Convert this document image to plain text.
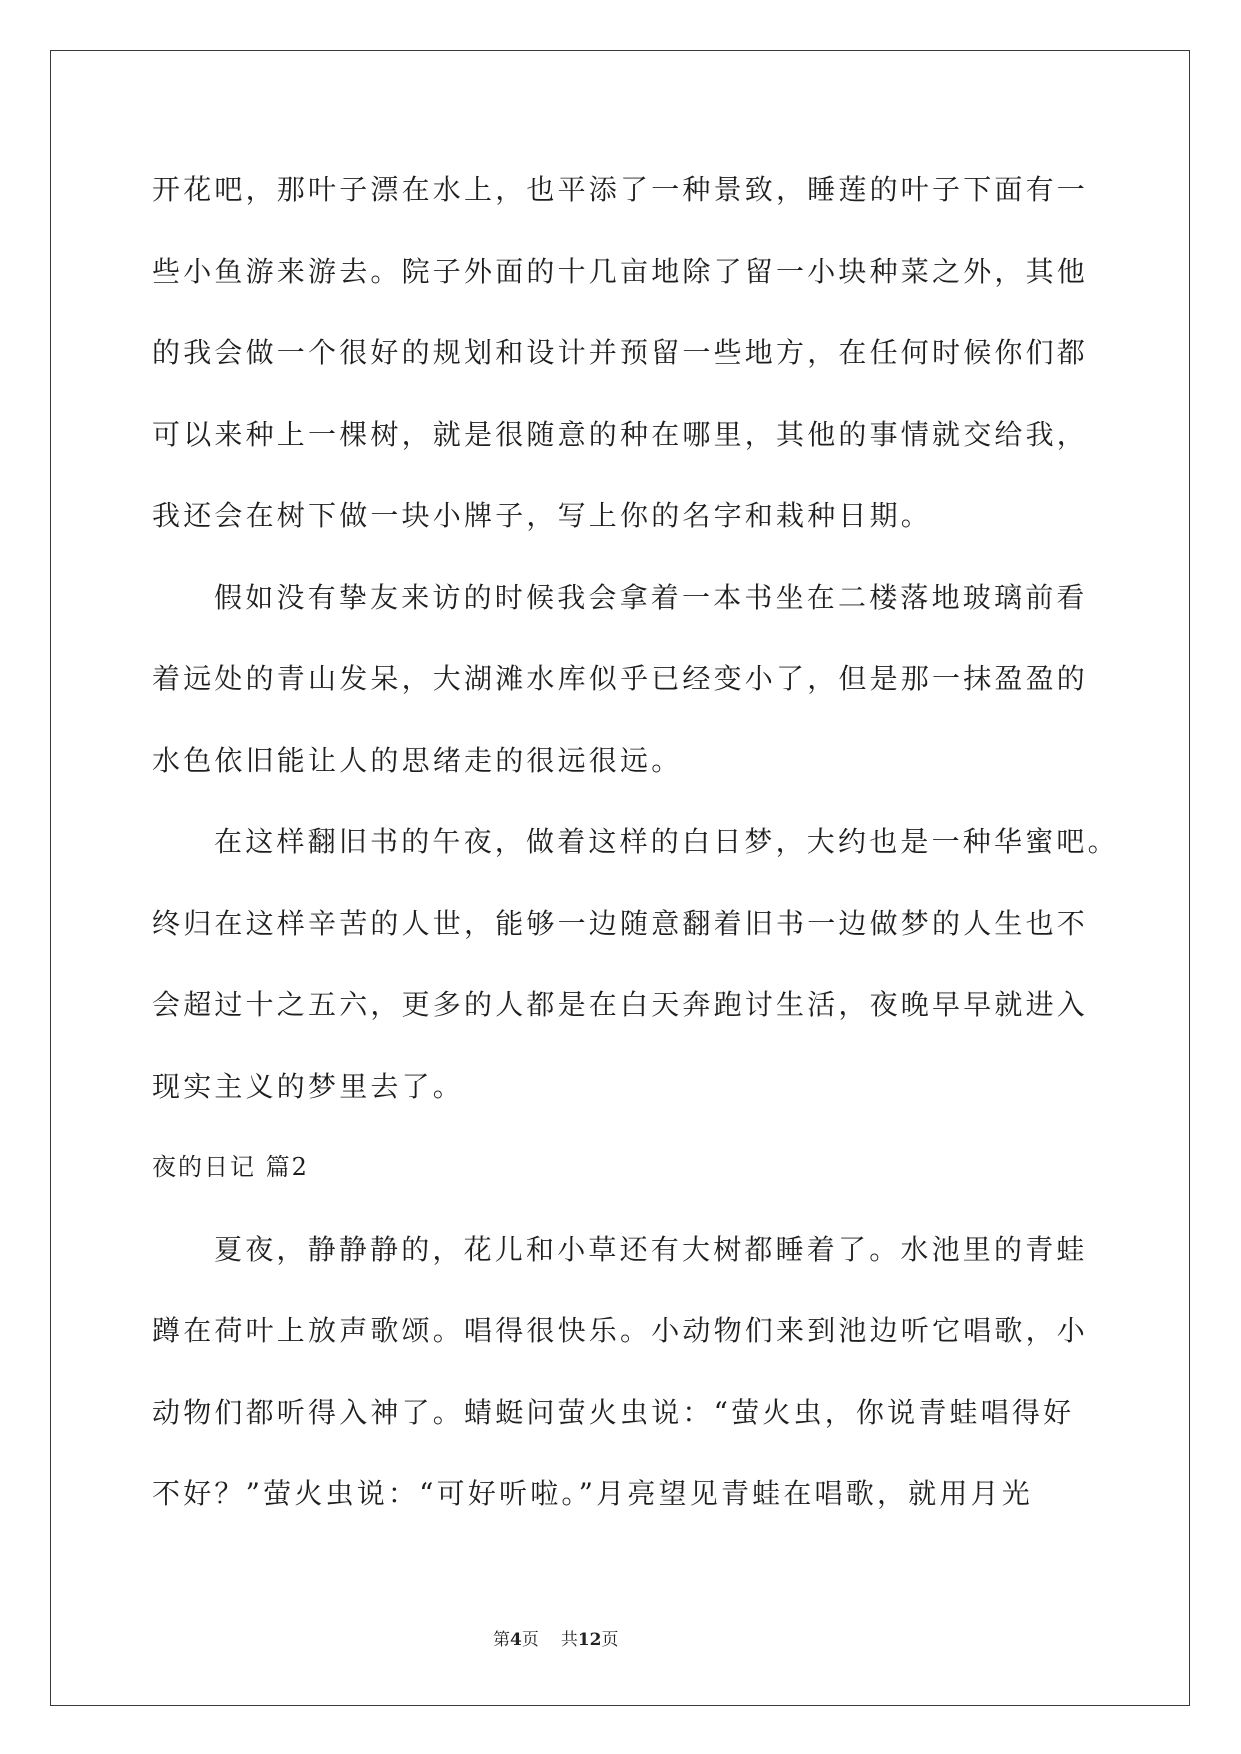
开花吧，那叶子漂在水上，也平添了一种景致，睡莲的叶子下面有一
些小鱼游来游去。院子外面的十几亩地除了留一小块种菜之外，其他
的我会做一个很好的规划和设计并预留一些地方，在任何时候你们都
可以来种上一棵树，就是很随意的种在哪里，其他的事情就交给我，
我还会在树下做一块小牌子，写上你的名字和栽种日期。
假如没有挚友来访的时候我会拿着一本书坐在二楼落地玻璃前看
着远处的青山发呆，大湖滩水库似乎已经变小了，但是那一抹盈盈的
水色依旧能让人的思绪走的很远很远。
在这样翻旧书的午夜，做着这样的白日梦，大约也是一种华蜜吧。
终归在这样辛苦的人世，能够一边随意翻着旧书一边做梦的人生也不
会超过十之五六，更多的人都是在白天奔跑讨生活，夜晚早早就进入
现实主义的梦里去了。
夜的日记 篇2
夏夜，静静静的，花儿和小草还有大树都睡着了。水池里的青蛙
蹲在荷叶上放声歌颂。唱得很快乐。小动物们来到池边听它唱歌，小
动物们都听得入神了。蜻蜓问萤火虫说：“萤火虫，你说青蛙唱得好
不好？”萤火虫说：“可好听啦。”月亮望见青蛙在唱歌，就用月光
第4页 共12页
